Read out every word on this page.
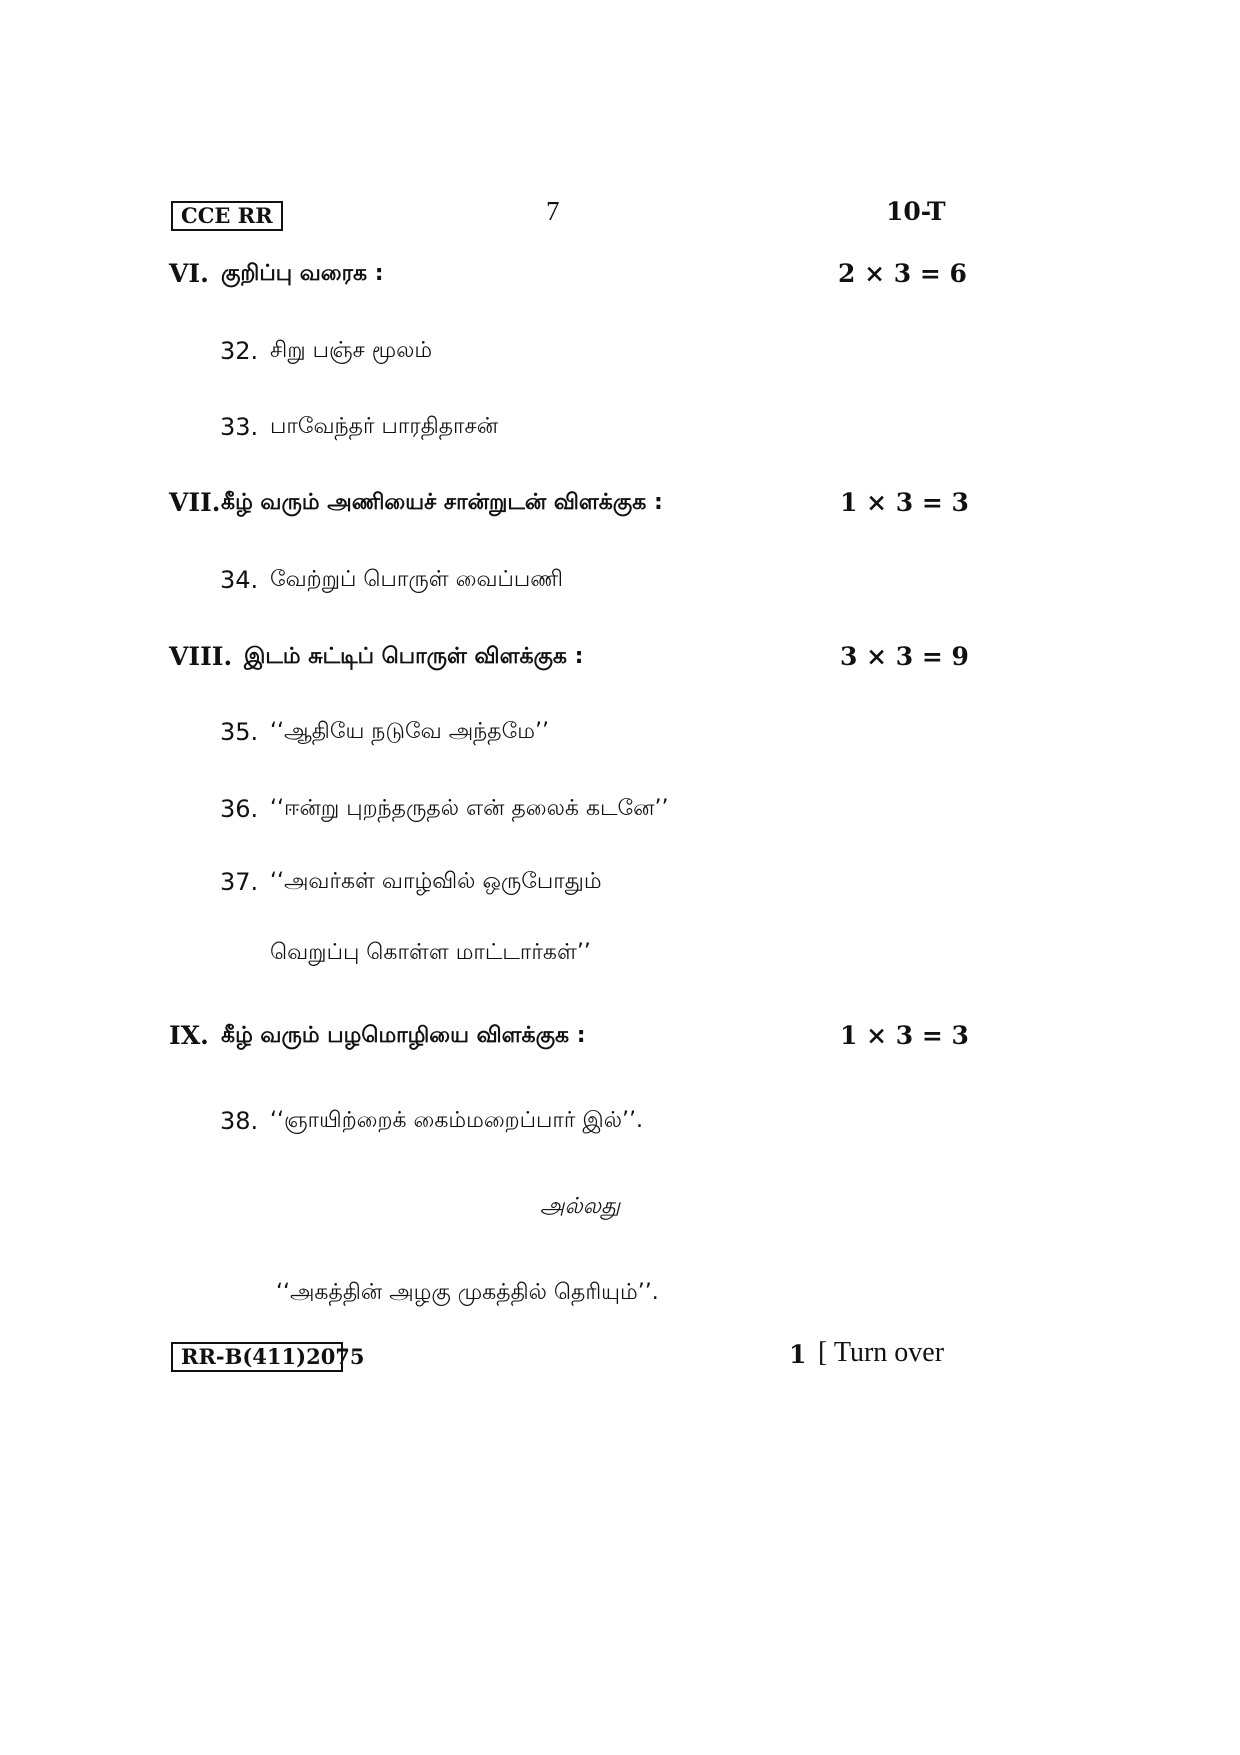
CCE RR	7	10-T
VI. குறிப்பு வரைக :	2 × 3 = 6
32. சிறு பஞ்ச மூலம்
33. பாவேந்தர் பாரதிதாசன்
VII. கீழ் வரும் அணியைச் சான்றுடன் விளக்குக :	1 × 3 = 3
34. வேற்றுப் பொருள் வைப்பணி
VIII. இடம் சுட்டிப் பொருள் விளக்குக :	3 × 3 = 9
35. ‘‘ஆதியே நடுவே அந்தமே’’
36. ‘‘ஈன்று புறந்தருதல் என் தலைக் கடனே’’
37. ‘‘அவர்கள் வாழ்வில் ஒருபோதும்
வெறுப்பு கொள்ள மாட்டார்கள்’’
IX. கீழ் வரும் பழமொழியை விளக்குக :	1 × 3 = 3
38. ‘‘ஞாயிற்றைக் கைம்மறைப்பார் இல்’’.
அல்லது
‘‘அகத்தின் அழகு முகத்தில் தெரியும்’’.
RR-B(411)2075	1 [ Turn over
